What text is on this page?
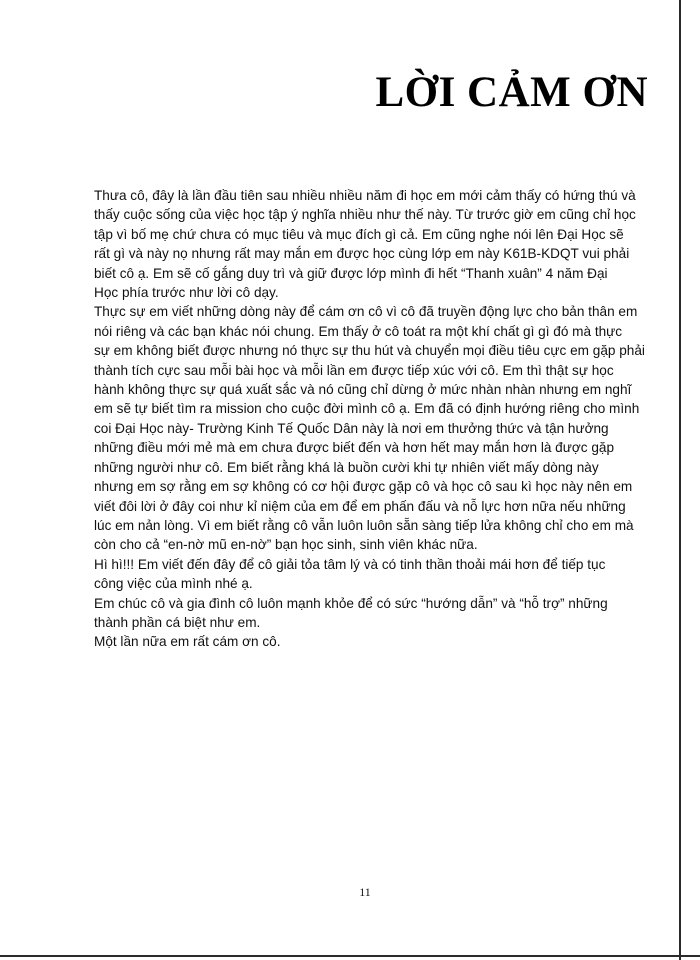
LỜI CẢM ƠN
Thưa cô, đây là lần đầu tiên sau nhiều nhiều năm đi học em mới cảm thấy có hứng thú và
thấy cuộc sống của việc học tập ý nghĩa nhiều như thế này. Từ trước giờ em cũng chỉ học
tập vì bố mẹ chứ chưa có mục tiêu và mục đích gì cả. Em cũng nghe nói lên Đại Học sẽ
rất gì và này nọ nhưng rất may mắn em được học cùng lớp em này K61B-KDQT vui phải
biết cô ạ. Em sẽ cố gắng duy trì và giữ được lớp mình đi hết “Thanh xuân” 4 năm Đại
Học phía trước như lời cô dạy.
Thực sự em viết những dòng này để cám ơn cô vì cô đã truyền động lực cho bản thân em
nói riêng và các bạn khác nói chung. Em thấy ở cô toát ra một khí chất gì gì đó mà thực
sự em không biết được nhưng nó thực sự thu hút và chuyển mọi điều tiêu cực em gặp phải
thành tích cực sau mỗi bài học và mỗi lần em được tiếp xúc với cô. Em thì thật sự học
hành không thực sự quá xuất sắc và nó cũng chỉ dừng ở mức nhàn nhàn nhưng em nghĩ
em sẽ tự biết tìm ra mission cho cuộc đời mình cô ạ. Em đã có định hướng riêng cho mình
coi Đại Học này- Trường Kinh Tế Quốc Dân này là nơi em thưởng thức và tận hưởng
những điều mới mẻ mà em chưa được biết đến và hơn hết may mắn hơn là được gặp
những người như cô. Em biết rằng khá là buồn cười khi tự nhiên viết mấy dòng này
nhưng em sợ rằng em sợ không có cơ hội được gặp cô và học cô sau kì học này nên em
viết đôi lời ở đây coi như kỉ niệm của em để em phấn đấu và nỗ lực hơn nữa nếu những
lúc em nản lòng. Vì em biết rằng cô vẫn luôn luôn sẵn sàng tiếp lửa không chỉ cho em mà
còn cho cả “en-nờ mũ en-nờ” bạn học sinh, sinh viên khác nữa.
Hì hì!!! Em viết đến đây để cô giải tỏa tâm lý và có tinh thần thoải mái hơn để tiếp tục
công việc của mình nhé ạ.
Em chúc cô và gia đình cô luôn mạnh khỏe để có sức “hướng dẫn” và “hỗ trợ” những
thành phần cá biệt như em.
Một lần nữa em rất cám ơn cô.
11
